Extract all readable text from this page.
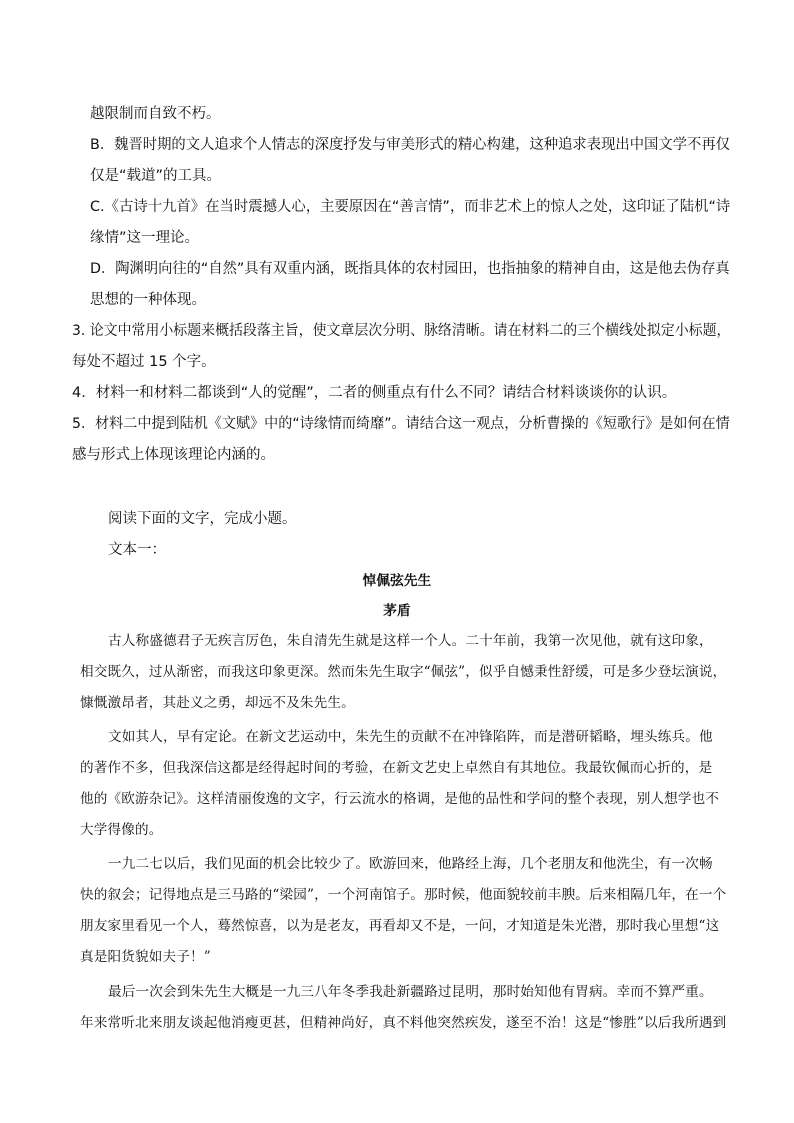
越限制而自致不朽。
B．魏晋时期的文人追求个人情志的深度抒发与审美形式的精心构建，这种追求表现出中国文学不再仅
仅是“载道”的工具。
C.《古诗十九首》在当时震撼人心，主要原因在“善言情”，而非艺术上的惊人之处，这印证了陆机“诗
缘情”这一理论。
D．陶渊明向往的“自然”具有双重内涵，既指具体的农村园田，也指抽象的精神自由，这是他去伪存真
思想的一种体现。
3. 论文中常用小标题来概括段落主旨，使文章层次分明、脉络清晰。请在材料二的三个横线处拟定小标题，
每处不超过 15 个字。
4．材料一和材料二都谈到“人的觉醒”，二者的侧重点有什么不同？请结合材料谈谈你的认识。
5．材料二中提到陆机《文赋》中的“诗缘情而绮靡”。请结合这一观点，分析曹操的《短歌行》是如何在情
感与形式上体现该理论内涵的。
阅读下面的文字，完成小题。
文本一：
悼佩弦先生
茅盾
古人称盛德君子无疾言厉色，朱自清先生就是这样一个人。二十年前，我第一次见他，就有这印象，
相交既久，过从渐密，而我这印象更深。然而朱先生取字“佩弦”，似乎自憾秉性舒缓，可是多少登坛演说，
慷慨激昂者，其赴义之勇，却远不及朱先生。
文如其人，早有定论。在新文艺运动中，朱先生的贡献不在冲锋陷阵，而是潜研韬略，埋头练兵。他
的著作不多，但我深信这都是经得起时间的考验，在新文艺史上卓然自有其地位。我最钦佩而心折的，是
他的《欧游杂记》。这样清丽俊逸的文字，行云流水的格调，是他的品性和学问的整个表现，别人想学也不
大学得像的。
一九二七以后，我们见面的机会比较少了。欧游回来，他路经上海，几个老朋友和他洗尘，有一次畅
快的叙会；记得地点是三马路的“梁园”，一个河南馆子。那时候，他面貌较前丰腴。后来相隔几年，在一个
朋友家里看见一个人，蓦然惊喜，以为是老友，再看却又不是，一问，才知道是朱光潜，那时我心里想“这
真是阳货貌如夫子！”
最后一次会到朱先生大概是一九三八年冬季我赴新疆路过昆明，那时始知他有胃病。幸而不算严重。
年来常听北来朋友谈起他消瘦更甚，但精神尚好，真不料他突然疾发，遂至不治！这是“惨胜”以后我所遇到
